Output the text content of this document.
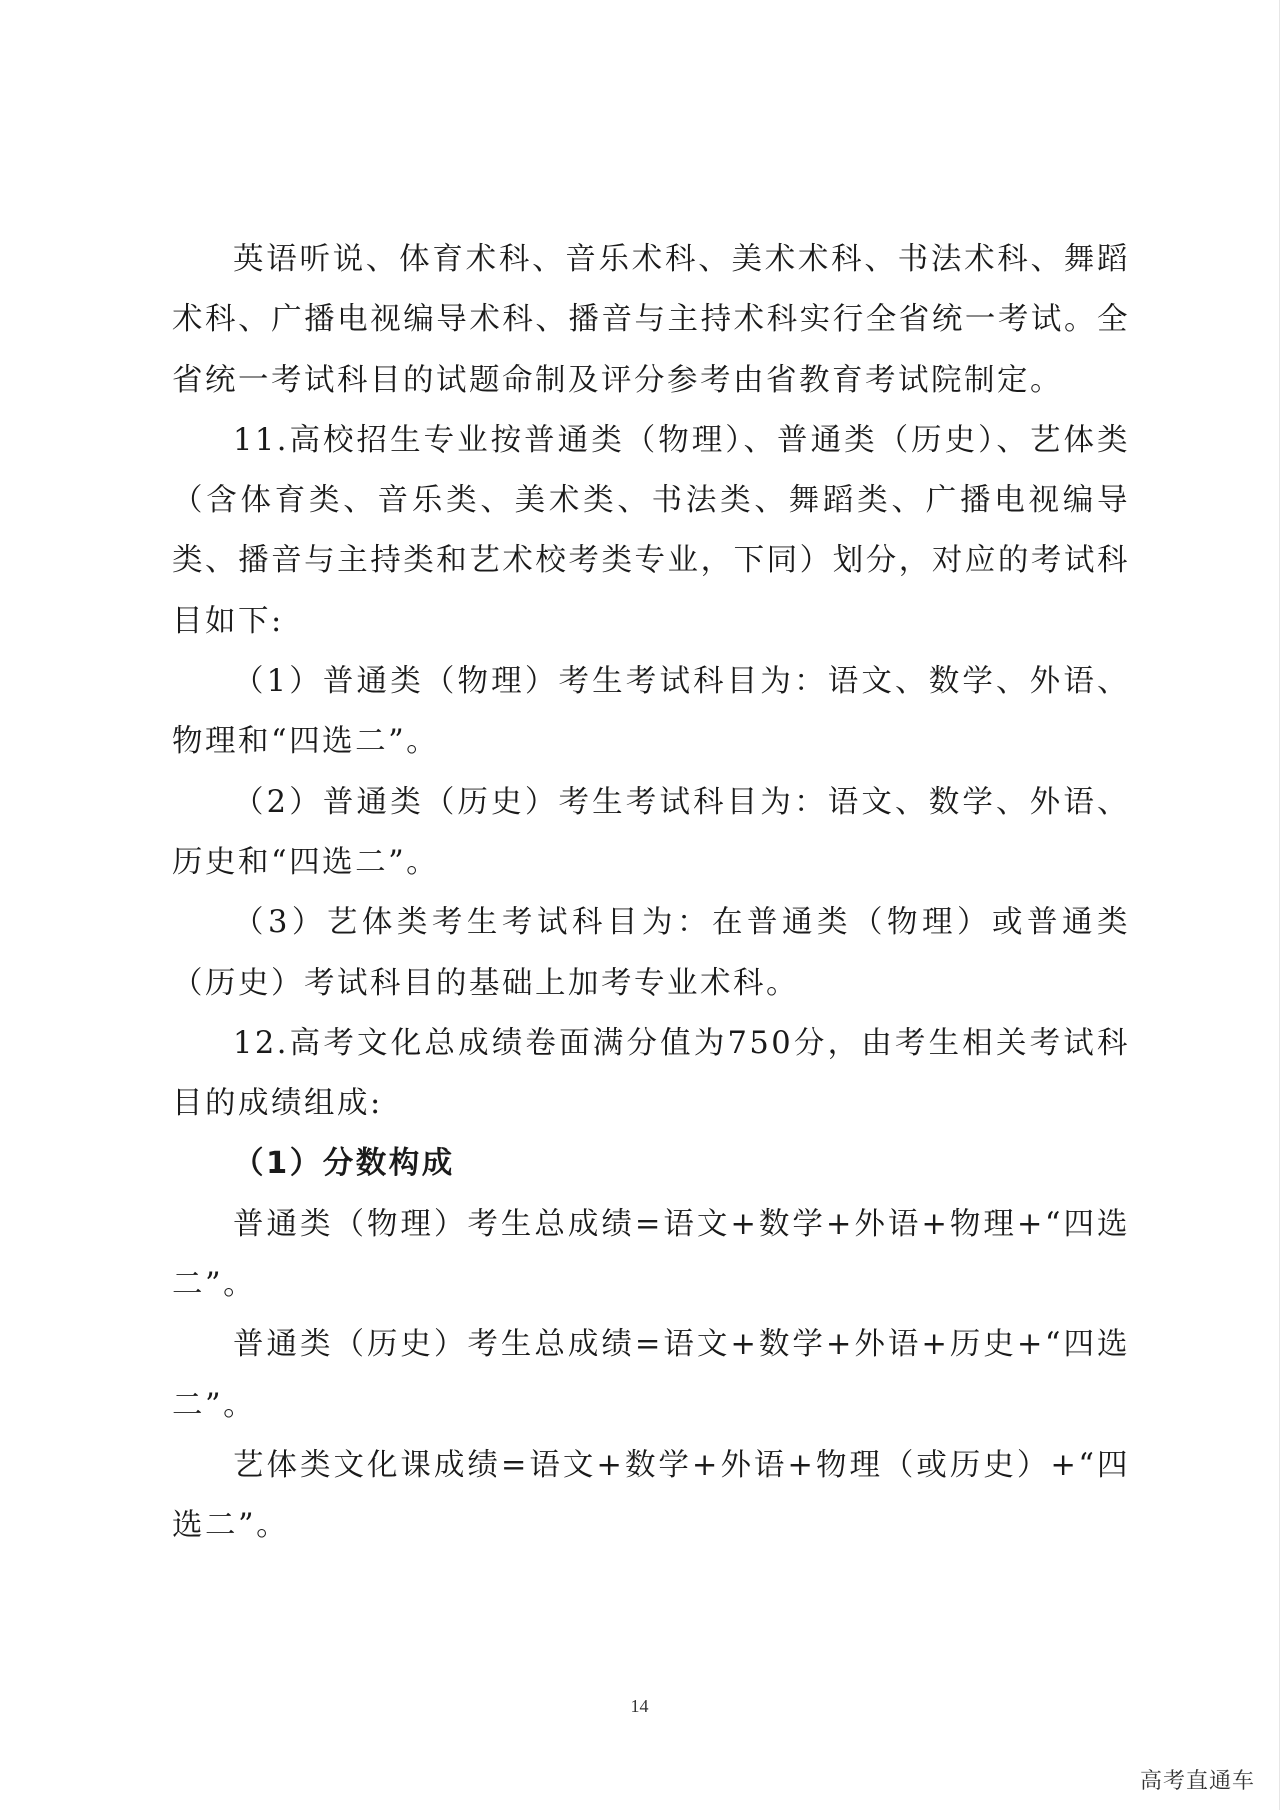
英语听说、体育术科、音乐术科、美术术科、书法术科、舞蹈术科、广播电视编导术科、播音与主持术科实行全省统一考试。全省统一考试科目的试题命制及评分参考由省教育考试院制定。

11.高校招生专业按普通类（物理）、普通类（历史）、艺体类（含体育类、音乐类、美术类、书法类、舞蹈类、广播电视编导类、播音与主持类和艺术校考类专业，下同）划分，对应的考试科目如下:

（1）普通类（物理）考生考试科目为：语文、数学、外语、物理和“四选二”。

（2）普通类（历史）考生考试科目为：语文、数学、外语、历史和“四选二”。

（3）艺体类考生考试科目为：在普通类（物理）或普通类（历史）考试科目的基础上加考专业术科。

12.高考文化总成绩卷面满分值为750分，由考生相关考试科目的成绩组成:

（1）分数构成

普通类（物理）考生总成绩=语文+数学+外语+物理+“四选二”。

普通类（历史）考生总成绩=语文+数学+外语+历史+“四选二”。

艺体类文化课成绩=语文+数学+外语+物理（或历史）+“四选二”。

14
高考直通车
